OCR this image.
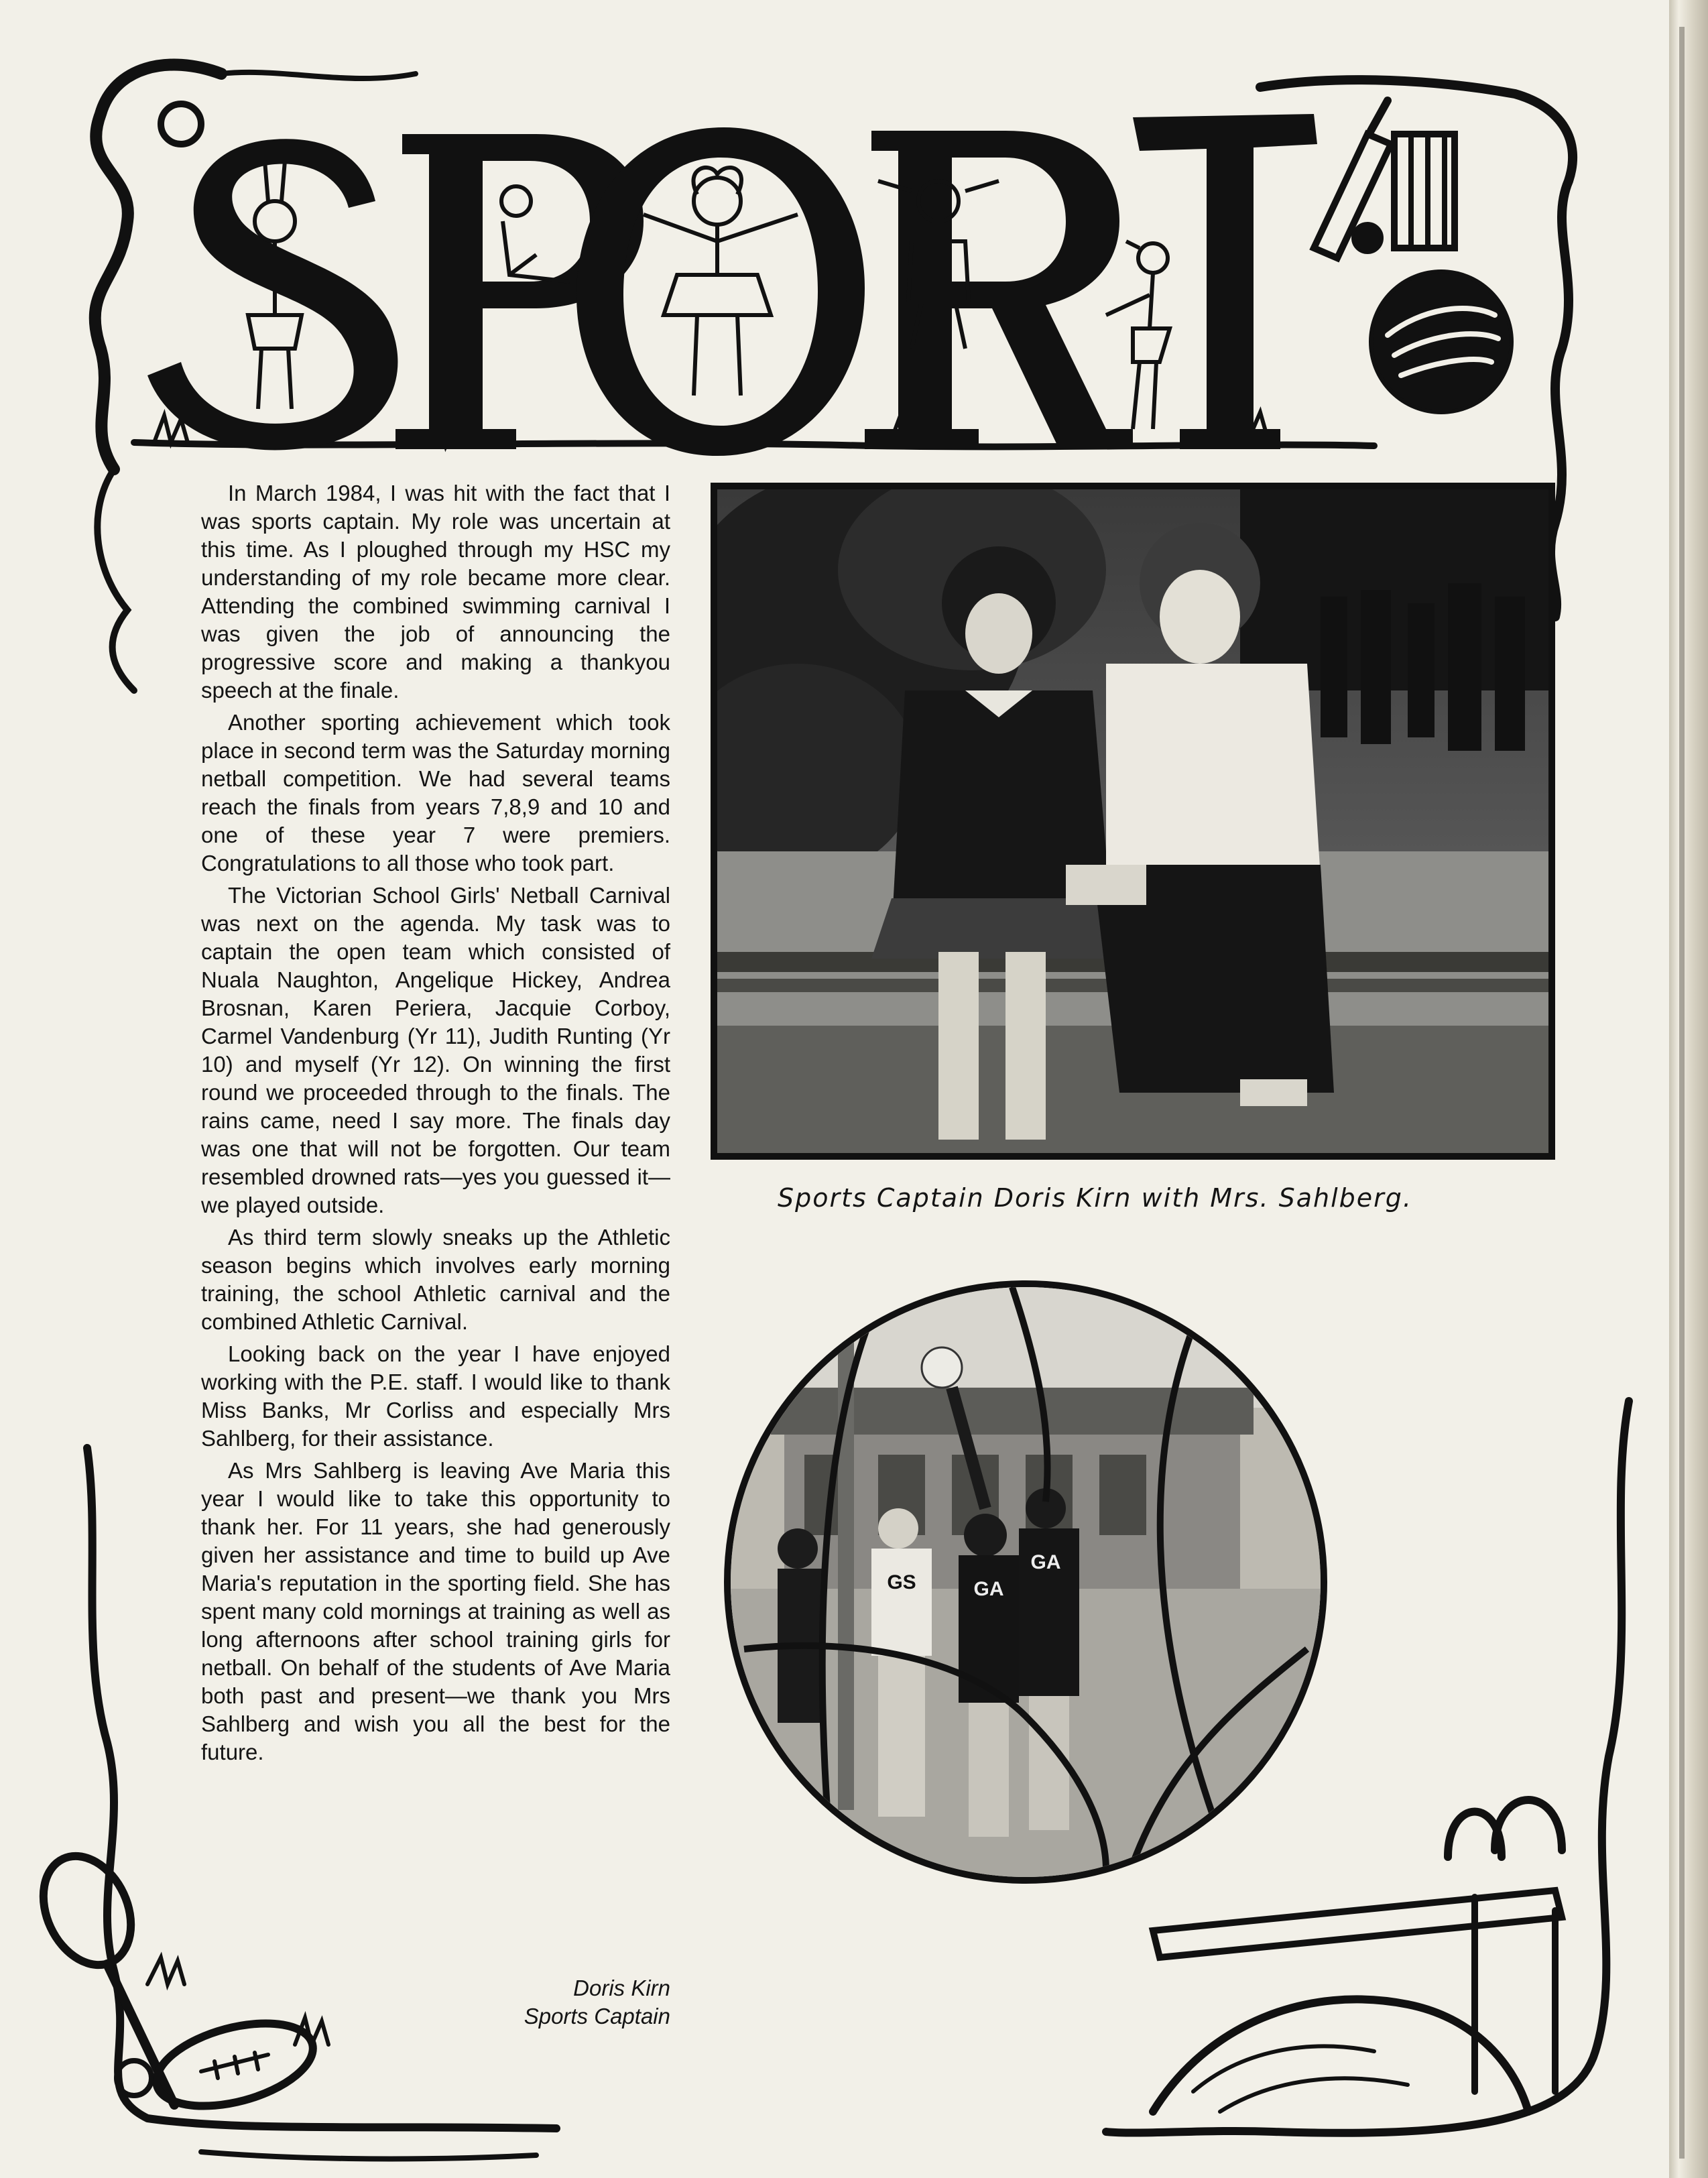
In March 1984, I was hit with the fact that I was sports captain. My role was uncertain at this time. As I ploughed through my HSC my understanding of my role became more clear. Attending the combined swimming carnival I was given the job of announcing the progressive score and making a thankyou speech at the finale.

Another sporting achievement which took place in second term was the Saturday morning netball competition. We had several teams reach the finals from years 7,8,9 and 10 and one of these year 7 were premiers. Congratulations to all those who took part.

The Victorian School Girls' Netball Carnival was next on the agenda. My task was to captain the open team which consisted of Nuala Naughton, Angelique Hickey, Andrea Brosnan, Karen Periera, Jacquie Corboy, Carmel Vandenburg (Yr 11), Judith Runting (Yr 10) and myself (Yr 12). On winning the first round we proceeded through to the finals. The rains came, need I say more. The finals day was one that will not be forgotten. Our team resembled drowned rats—yes you guessed it—we played outside.

As third term slowly sneaks up the Athletic season begins which involves early morning training, the school Athletic carnival and the combined Athletic Carnival.

Looking back on the year I have enjoyed working with the P.E. staff. I would like to thank Miss Banks, Mr Corliss and especially Mrs Sahlberg, for their assistance.

As Mrs Sahlberg is leaving Ave Maria this year I would like to take this opportunity to thank her. For 11 years, she had generously given her assistance and time to build up Ave Maria's reputation in the sporting field. She has spent many cold mornings at training as well as long afternoons after school training girls for netball. On behalf of the students of Ave Maria both past and present—we thank you Mrs Sahlberg and wish you all the best for the future.

Doris Kirn
Sports Captain
Sports Captain Doris Kirn with Mrs. Sahlberg.
GS	GA
GA
